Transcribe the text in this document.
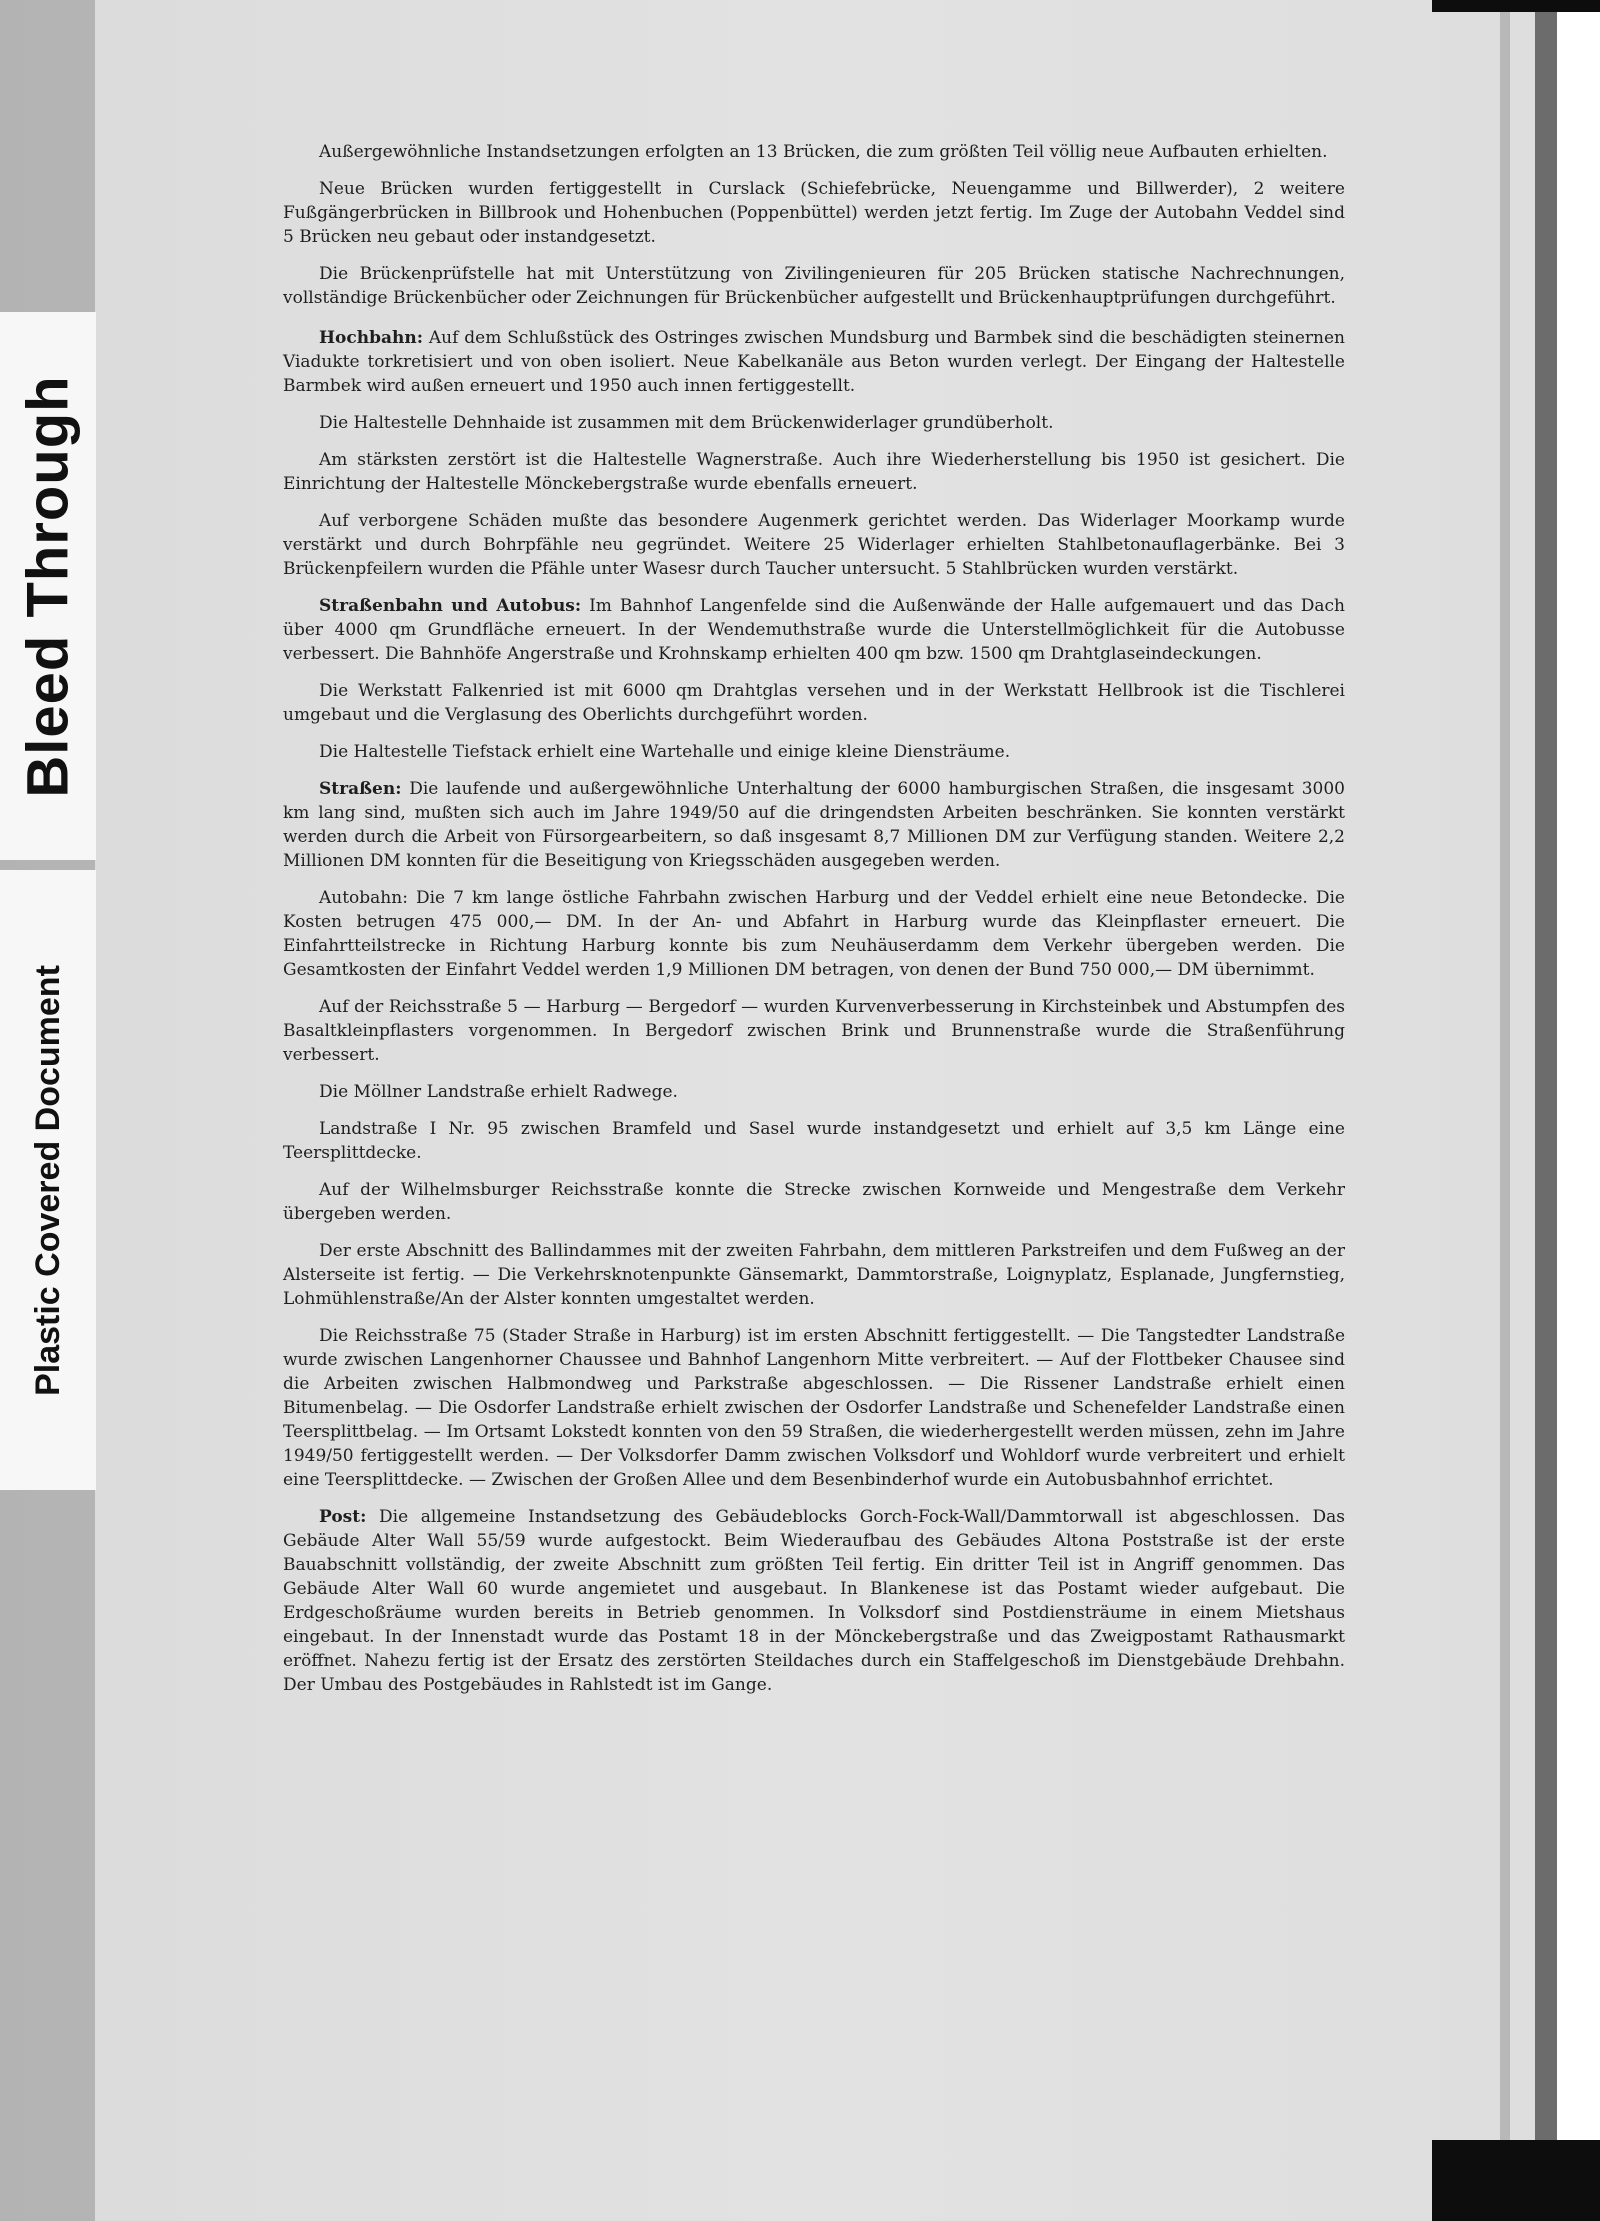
Bleed Through
Plastic Covered Document

Außergewöhnliche Instandsetzungen erfolgten an 13 Brücken, die zum größten Teil völlig neue Aufbauten erhielten.

Neue Brücken wurden fertiggestellt in Curslack (Schiefebrücke, Neuengamme und Billwerder), 2 weitere Fußgängerbrücken in Billbrook und Hohenbuchen (Poppenbüttel) werden jetzt fertig. Im Zuge der Autobahn Veddel sind 5 Brücken neu gebaut oder instandgesetzt.

Die Brückenprüfstelle hat mit Unterstützung von Zivilingenieuren für 205 Brücken statische Nachrechnungen, vollständige Brückenbücher oder Zeichnungen für Brückenbücher aufgestellt und Brückenhauptprüfungen durchgeführt.

Hochbahn: Auf dem Schlußstück des Ostringes zwischen Mundsburg und Barmbek sind die beschädigten steinernen Viadukte torkretisiert und von oben isoliert. Neue Kabelkanäle aus Beton wurden verlegt. Der Eingang der Haltestelle Barmbek wird außen erneuert und 1950 auch innen fertiggestellt.

Die Haltestelle Dehnhaide ist zusammen mit dem Brückenwiderlager grundüberholt.

Am stärksten zerstört ist die Haltestelle Wagnerstraße. Auch ihre Wiederherstellung bis 1950 ist gesichert. Die Einrichtung der Haltestelle Mönckebergstraße wurde ebenfalls erneuert.

Auf verborgene Schäden mußte das besondere Augenmerk gerichtet werden. Das Widerlager Moorkamp wurde verstärkt und durch Bohrpfähle neu gegründet. Weitere 25 Widerlager erhielten Stahlbetonauflagerbänke. Bei 3 Brückenpfeilern wurden die Pfähle unter Wasesr durch Taucher untersucht. 5 Stahlbrücken wurden verstärkt.

Straßenbahn und Autobus: Im Bahnhof Langenfelde sind die Außenwände der Halle aufgemauert und das Dach über 4000 qm Grundfläche erneuert. In der Wendemuthstraße wurde die Unterstellmöglichkeit für die Autobusse verbessert. Die Bahnhöfe Angerstraße und Krohnskamp erhielten 400 qm bzw. 1500 qm Drahtglaseindeckungen.

Die Werkstatt Falkenried ist mit 6000 qm Drahtglas versehen und in der Werkstatt Hellbrook ist die Tischlerei umgebaut und die Verglasung des Oberlichts durchgeführt worden.

Die Haltestelle Tiefstack erhielt eine Wartehalle und einige kleine Diensträume.

Straßen: Die laufende und außergewöhnliche Unterhaltung der 6000 hamburgischen Straßen, die insgesamt 3000 km lang sind, mußten sich auch im Jahre 1949/50 auf die dringendsten Arbeiten beschränken. Sie konnten verstärkt werden durch die Arbeit von Fürsorgearbeitern, so daß insgesamt 8,7 Millionen DM zur Verfügung standen. Weitere 2,2 Millionen DM konnten für die Beseitigung von Kriegsschäden ausgegeben werden.

Autobahn: Die 7 km lange östliche Fahrbahn zwischen Harburg und der Veddel erhielt eine neue Betondecke. Die Kosten betrugen 475 000,— DM. In der An- und Abfahrt in Harburg wurde das Kleinpflaster erneuert. Die Einfahrtteilstrecke in Richtung Harburg konnte bis zum Neuhäuserdamm dem Verkehr übergeben werden. Die Gesamtkosten der Einfahrt Veddel werden 1,9 Millionen DM betragen, von denen der Bund 750 000,— DM übernimmt.

Auf der Reichsstraße 5 — Harburg — Bergedorf — wurden Kurvenverbesserung in Kirchsteinbek und Abstumpfen des Basaltkleinpflasters vorgenommen. In Bergedorf zwischen Brink und Brunnenstraße wurde die Straßenführung verbessert.

Die Möllner Landstraße erhielt Radwege.

Landstraße I Nr. 95 zwischen Bramfeld und Sasel wurde instandgesetzt und erhielt auf 3,5 km Länge eine Teersplittdecke.

Auf der Wilhelmsburger Reichsstraße konnte die Strecke zwischen Kornweide und Mengestraße dem Verkehr übergeben werden.

Der erste Abschnitt des Ballindammes mit der zweiten Fahrbahn, dem mittleren Parkstreifen und dem Fußweg an der Alsterseite ist fertig. — Die Verkehrsknotenpunkte Gänsemarkt, Dammtorstraße, Loignyplatz, Esplanade, Jungfernstieg, Lohmühlenstraße/An der Alster konnten umgestaltet werden.

Die Reichsstraße 75 (Stader Straße in Harburg) ist im ersten Abschnitt fertiggestellt. — Die Tangstedter Landstraße wurde zwischen Langenhorner Chaussee und Bahnhof Langenhorn Mitte verbreitert. — Auf der Flottbeker Chausee sind die Arbeiten zwischen Halbmondweg und Parkstraße abgeschlossen. — Die Rissener Landstraße erhielt einen Bitumenbelag. — Die Osdorfer Landstraße erhielt zwischen der Osdorfer Landstraße und Schenefelder Landstraße einen Teersplittbelag. — Im Ortsamt Lokstedt konnten von den 59 Straßen, die wiederhergestellt werden müssen, zehn im Jahre 1949/50 fertiggestellt werden. — Der Volksdorfer Damm zwischen Volksdorf und Wohldorf wurde verbreitert und erhielt eine Teersplittdecke. — Zwischen der Großen Allee und dem Besenbinderhof wurde ein Autobusbahnhof errichtet.

Post: Die allgemeine Instandsetzung des Gebäudeblocks Gorch-Fock-Wall/Dammtorwall ist abgeschlossen. Das Gebäude Alter Wall 55/59 wurde aufgestockt. Beim Wiederaufbau des Gebäudes Altona Poststraße ist der erste Bauabschnitt vollständig, der zweite Abschnitt zum größten Teil fertig. Ein dritter Teil ist in Angriff genommen. Das Gebäude Alter Wall 60 wurde angemietet und ausgebaut. In Blankenese ist das Postamt wieder aufgebaut. Die Erdgeschoßräume wurden bereits in Betrieb genommen. In Volksdorf sind Postdiensträume in einem Mietshaus eingebaut. In der Innenstadt wurde das Postamt 18 in der Mönckebergstraße und das Zweigpostamt Rathausmarkt eröffnet. Nahezu fertig ist der Ersatz des zerstörten Steildaches durch ein Staffelgeschoß im Dienstgebäude Drehbahn. Der Umbau des Postgebäudes in Rahlstedt ist im Gange.
